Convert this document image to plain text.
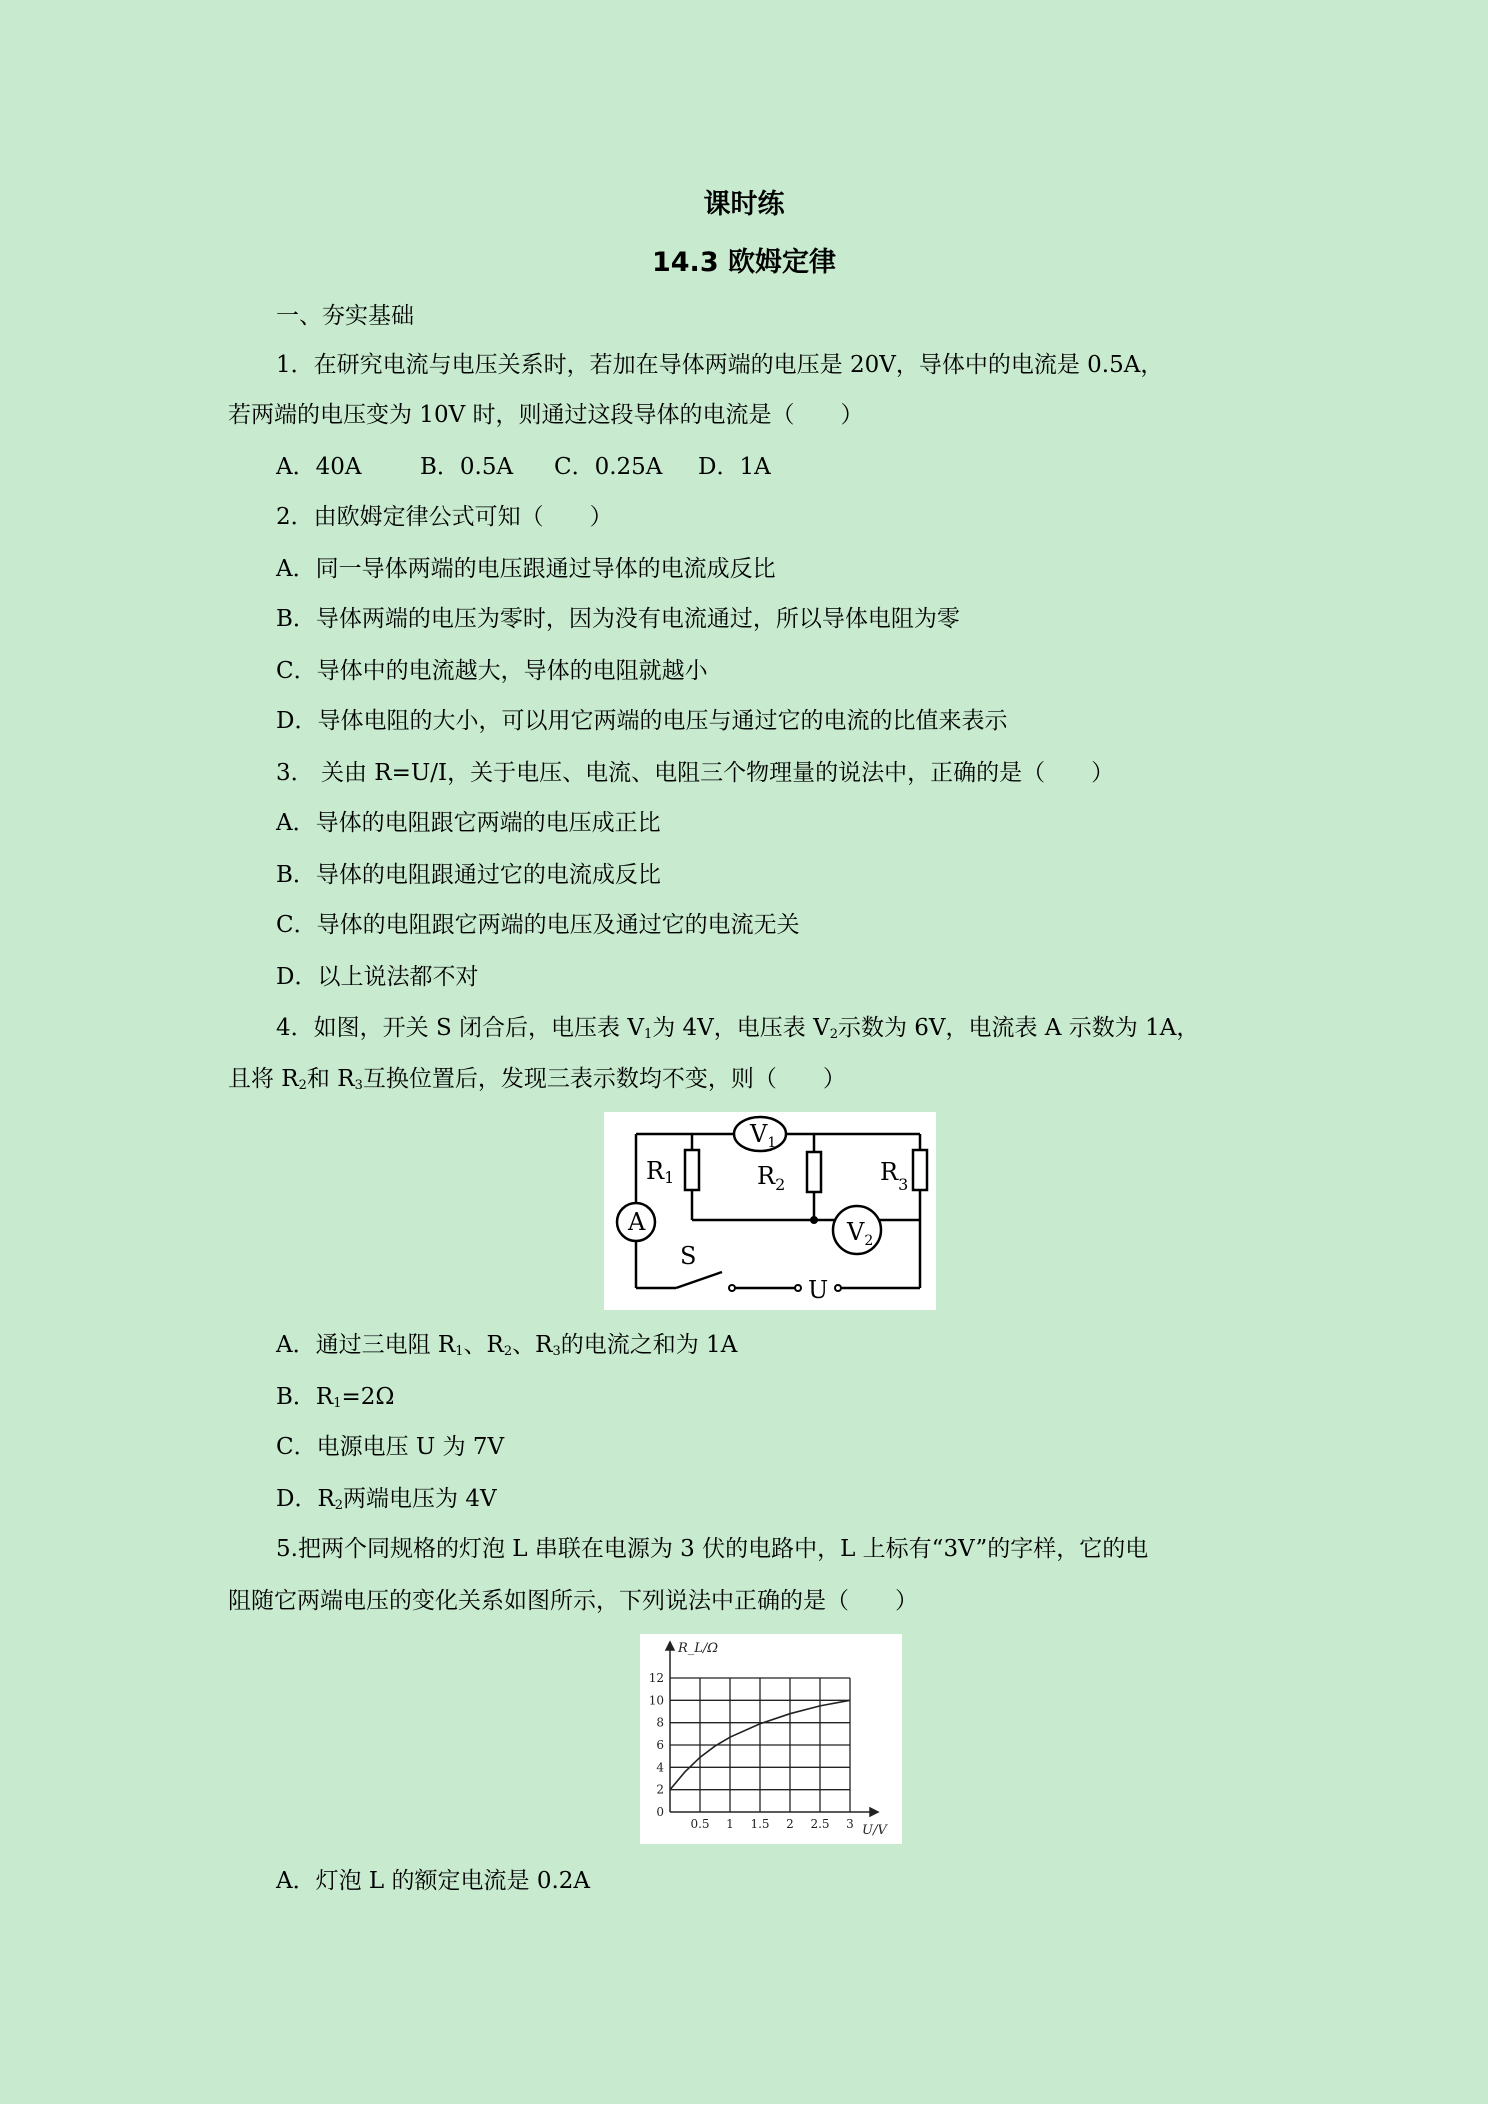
课时练
14.3 欧姆定律
一、夯实基础
1．在研究电流与电压关系时，若加在导体两端的电压是 20V，导体中的电流是 0.5A，
若两端的电压变为 10V 时，则通过这段导体的电流是（　　）
A．40A	B．0.5A C．0.25A D．1A
2．由欧姆定律公式可知（　　）
A．同一导体两端的电压跟通过导体的电流成反比
B．导体两端的电压为零时，因为没有电流通过，所以导体电阻为零
C．导体中的电流越大，导体的电阻就越小
D．导体电阻的大小，可以用它两端的电压与通过它的电流的比值来表示
3． 关由 R=U/I，关于电压、电流、电阻三个物理量的说法中，正确的是（　　）
A．导体的电阻跟它两端的电压成正比
B．导体的电阻跟通过它的电流成反比
C．导体的电阻跟它两端的电压及通过它的电流无关
D．以上说法都不对
4．如图，开关 S 闭合后，电压表 $V_1$为 4V，电压表 $V_2$示数为 6V，电流表 A 示数为 1A，
且将 $R_2$和 $R_3$互换位置后，发现三表示数均不变，则（　　）
$V_1$
$V_2$
A
R1	$R_2$	$R_3$
S
U
A．通过三电阻 $R_1$、$R_2$、$R_3$的电流之和为 1A
B．$R_1=2\Omega$
C．电源电压 U 为 7V
D．$R_2$两端电压为 4V
5.把两个同规格的灯泡 L 串联在电源为 3 伏的电路中，L 上标有“3V”的字样，它的电
阻随它两端电压的变化关系如图所示，下列说法中正确的是（　　）
0.5 1 1.5 2 2.5 3
2
4
6
8
10
12
0
R_L/Ω
U/V
A．灯泡 L 的额定电流是 0.2A
